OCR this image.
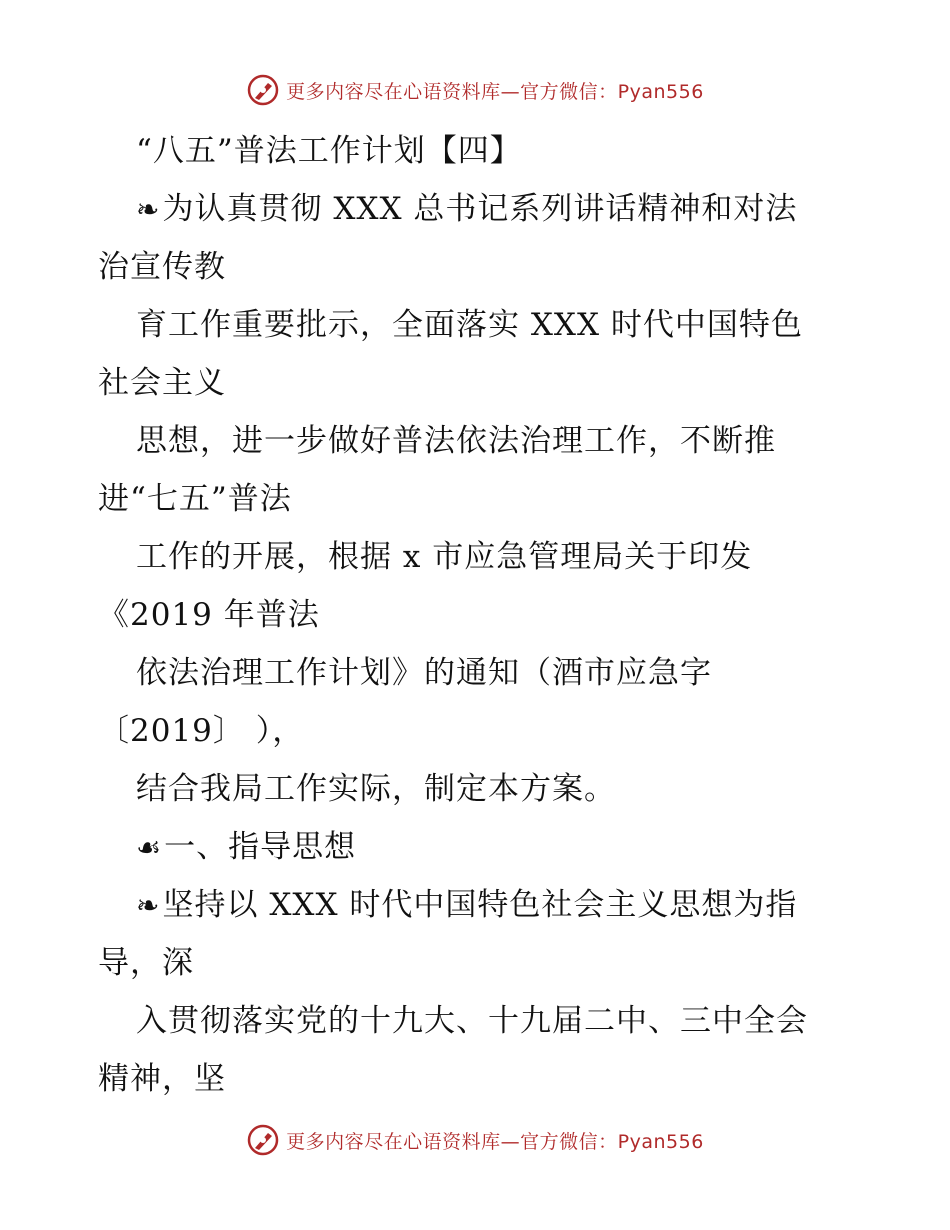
更多内容尽在心语资料库—官方微信：Pyan556
“八五”普法工作计划【四】
❧为认真贯彻 XXX 总书记系列讲话精神和对法
治宣传教
育工作重要批示，全面落实 XXX 时代中国特色
社会主义
思想，进一步做好普法依法治理工作，不断推
进“七五”普法
工作的开展，根据 x 市应急管理局关于印发
《2019 年普法
依法治理工作计划》的通知（酒市应急字
〔2019〕 ），
结合我局工作实际，制定本方案。
☙一、指导思想
❧坚持以 XXX 时代中国特色社会主义思想为指
导，深
入贯彻落实党的十九大、十九届二中、三中全会
精神，坚
更多内容尽在心语资料库—官方微信：Pyan556
